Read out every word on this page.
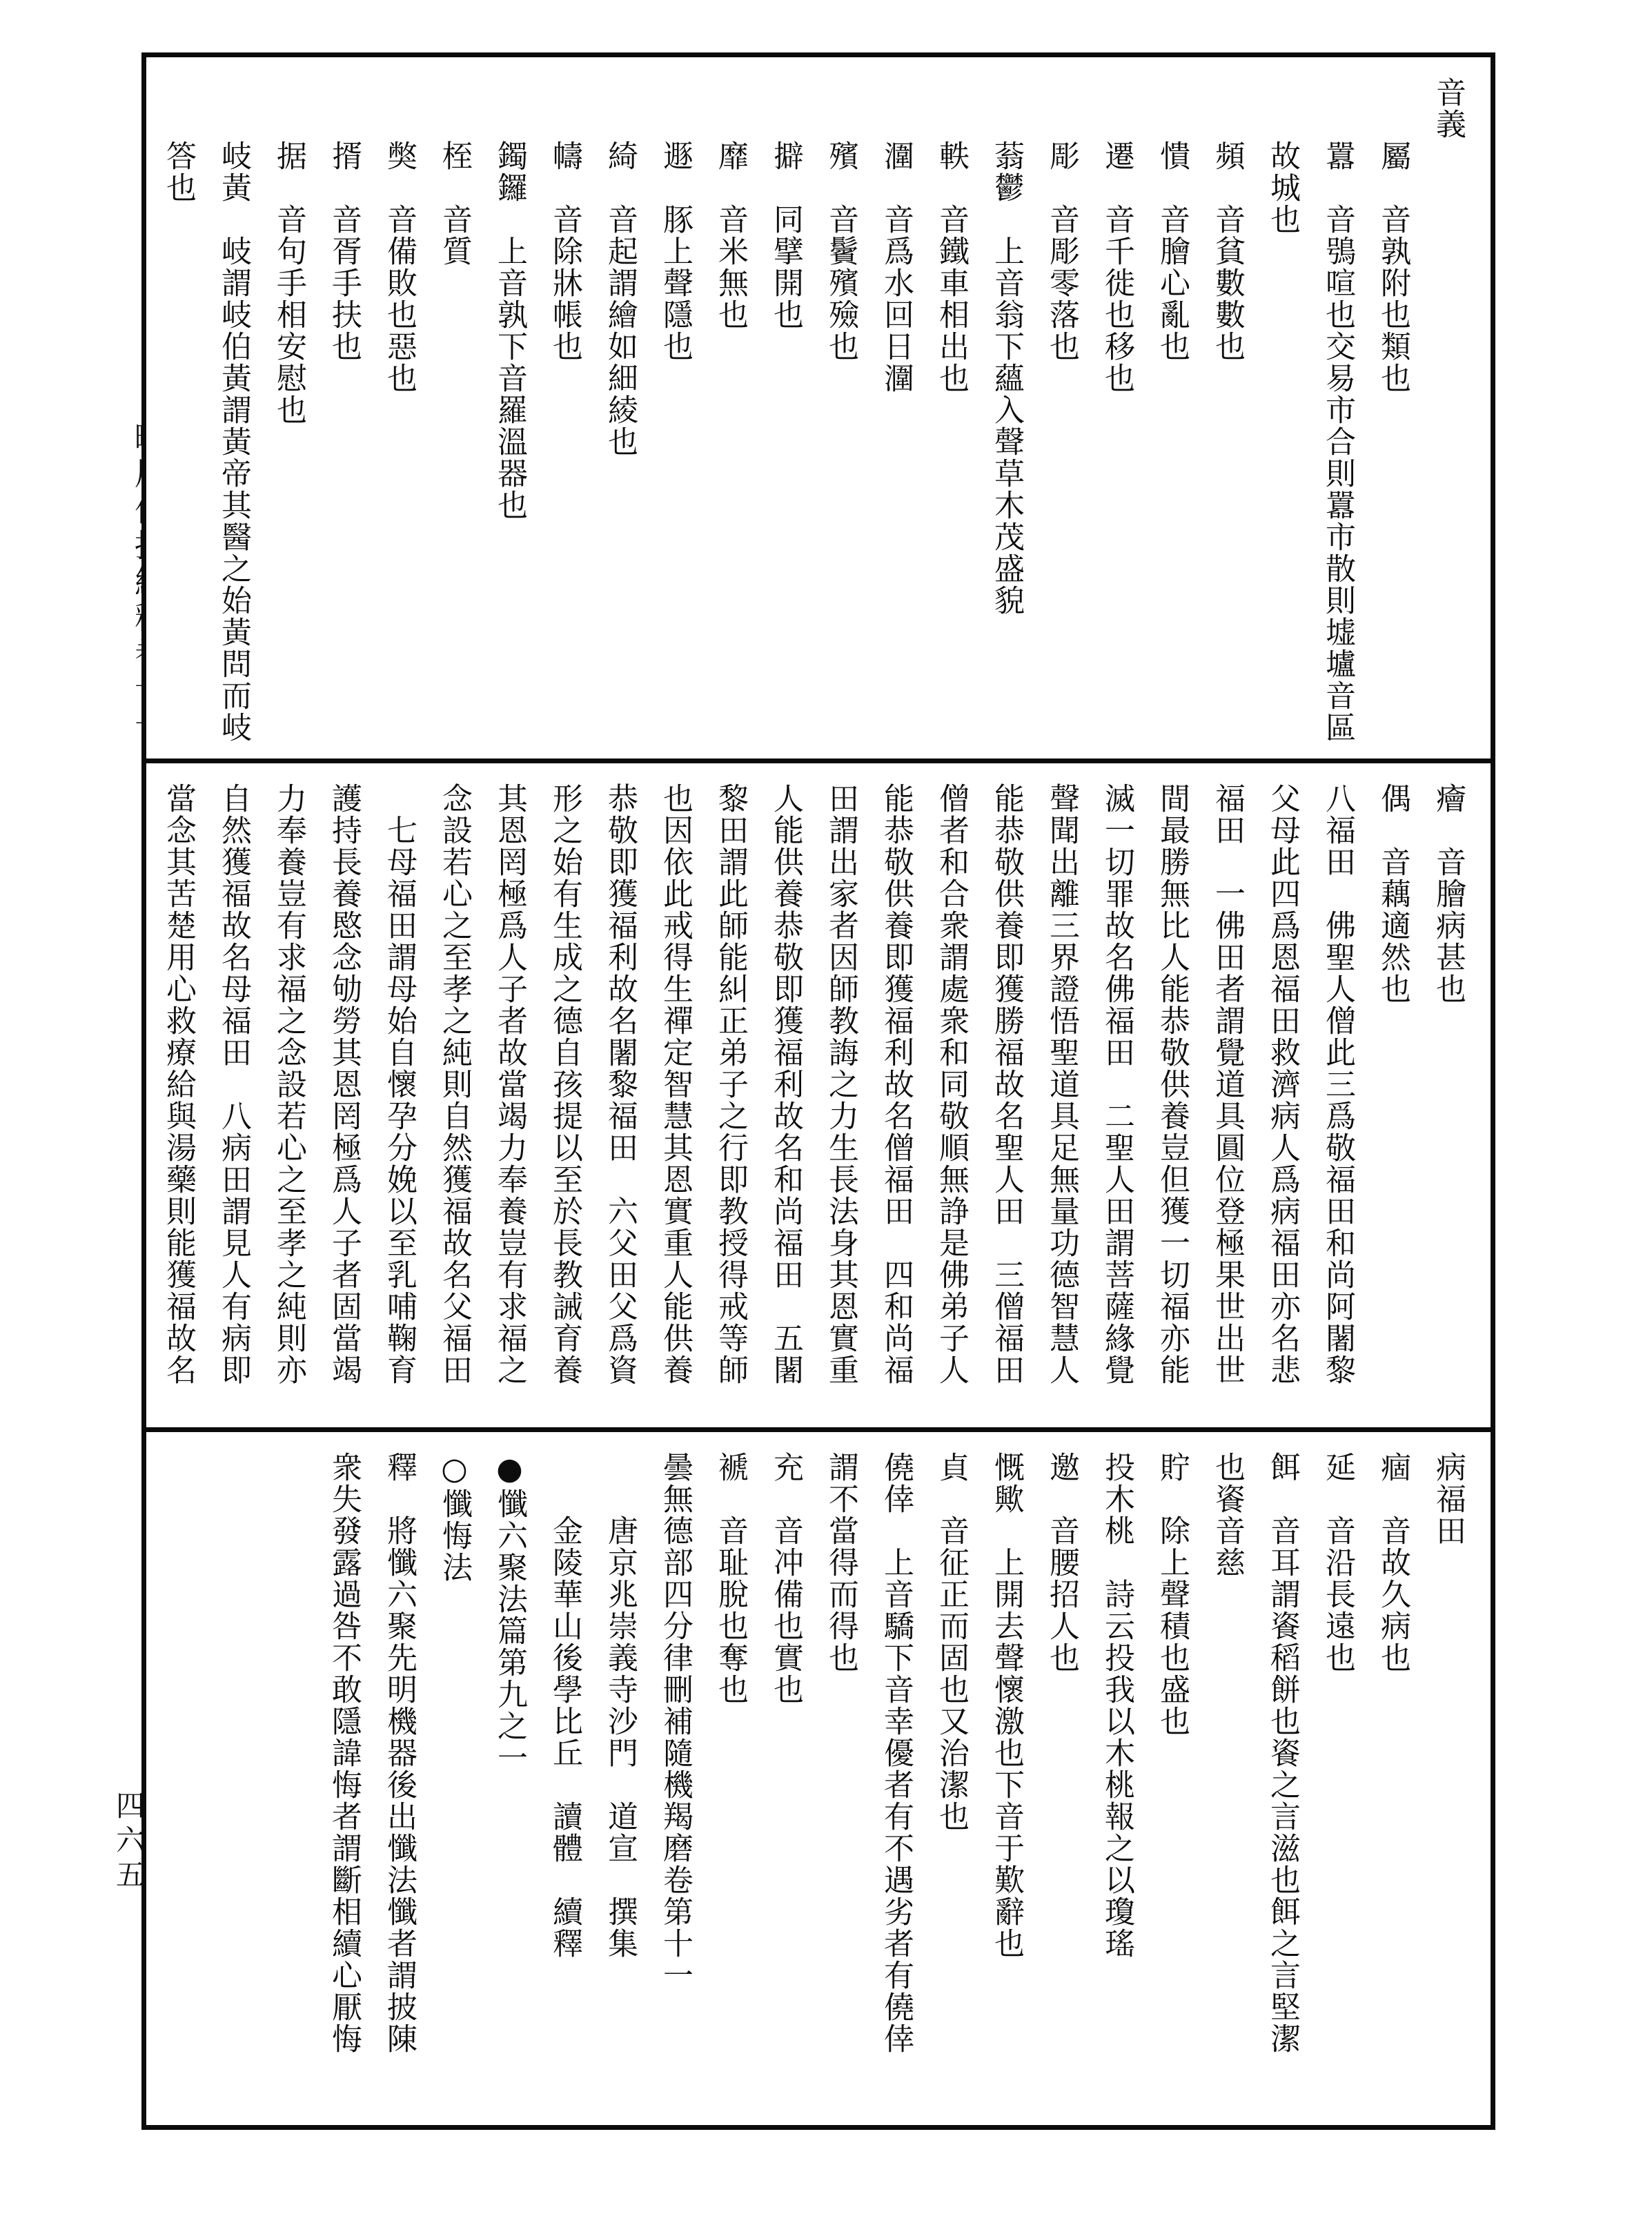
音義
　　屬　音孰附也類也
　　囂　音鴞喧也交易市合則囂市散則墟壚音區
　　故城也
　　頻　音貧數數也
　　憒　音膾心亂也
　　遷　音千徙也移也
　　彫　音彫零落也
　　蓊鬱　上音翁下蘊入聲草木茂盛貌
　　軼　音鐵車相出也
　　潿　音爲水回日潿
　　殯　音鬢殯殮也
　　擗　同擘開也
　　靡　音米無也
　　遯　豚上聲隱也
　　綺　音起謂繪如細綾也
　　幬　音除牀帳也
　　鐲鑼　上音孰下音羅溫器也
　　桎　音質
　　獘　音備敗也惡也
　　揟　音胥手扶也
　　据　音句手相安慰也
　　岐黃　岐謂岐伯黃謂黃帝其醫之始黃問而岐
　　答也
癐　音膾病甚也
偶　音藕適然也
八福田　佛聖人僧此三爲敬福田和尚阿闍黎
父母此四爲恩福田救濟病人爲病福田亦名悲
福田　一佛田者謂覺道具圓位登極果世出世
間最勝無比人能恭敬供養豈但獲一切福亦能
滅一切罪故名佛福田　二聖人田謂菩薩緣覺
聲聞出離三界證悟聖道具足無量功德智慧人
能恭敬供養即獲勝福故名聖人田　三僧福田
僧者和合衆謂處衆和同敬順無諍是佛弟子人
能恭敬供養即獲福利故名僧福田　四和尚福
田謂出家者因師教誨之力生長法身其恩實重
人能供養恭敬即獲福利故名和尚福田　五闍
黎田謂此師能糾正弟子之行即教授得戒等師
也因依此戒得生禪定智慧其恩實重人能供養
恭敬即獲福利故名闍黎福田　六父田父爲資
形之始有生成之德自孩提以至於長教誡育養
其恩罔極爲人子者故當竭力奉養豈有求福之
念設若心之至孝之純則自然獲福故名父福田
　七母福田謂母始自懷孕分娩以至乳哺鞠育
護持長養愍念劬勞其恩罔極爲人子者固當竭
力奉養豈有求福之念設若心之至孝之純則亦
自然獲福故名母福田　八病田謂見人有病即
當念其苦楚用心救療給與湯藥則能獲福故名
病福田
痼　音故久病也
延　音沿長遠也
餌　音耳謂餈稻餅也餈之言滋也餌之言堅潔
也餈音慈
貯　除上聲積也盛也
投木桃　詩云投我以木桃報之以瓊瑤
邀　音腰招人也
慨歟　上開去聲懷激也下音于歎辭也
貞　音征正而固也又治潔也
僥倖　上音驕下音幸優者有不遇劣者有僥倖
謂不當得而得也
充　音冲備也實也
褫　音耻脫也奪也
曇無德部四分律刪補隨機羯磨卷第十一
　　唐京兆崇義寺沙門　道宣　撰集
　　金陵華山後學比丘　讀體　續釋
●懺六聚法篇第九之一
○懺悔法
釋　將懺六聚先明機器後出懺法懺者謂披陳
衆失發露過咎不敢隱諱悔者謂斷相續心厭悔
四六五
